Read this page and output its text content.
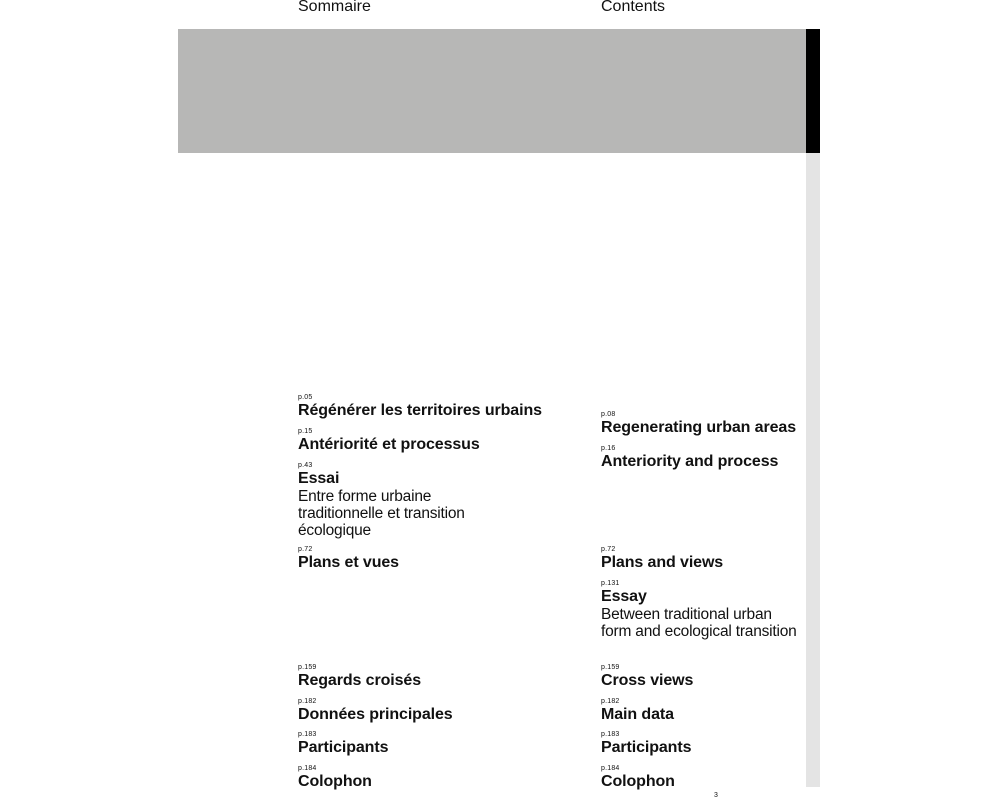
Sommaire	Contents
p.05
Régénérer les territoires urbains
p.15
Antériorité et processus
p.43
Essai
Entre forme urbaine traditionnelle et transition écologique
p.72
Plans et vues
p.159
Regards croisés
p.182
Données principales
p.183
Participants
p.184
Colophon
p.08
Regenerating urban areas
p.16
Anteriority and process
p.72
Plans and views
p.131
Essay
Between traditional urban form and ecological transition
p.159
Cross views
p.182
Main data
p.183
Participants
p.184
Colophon
3
